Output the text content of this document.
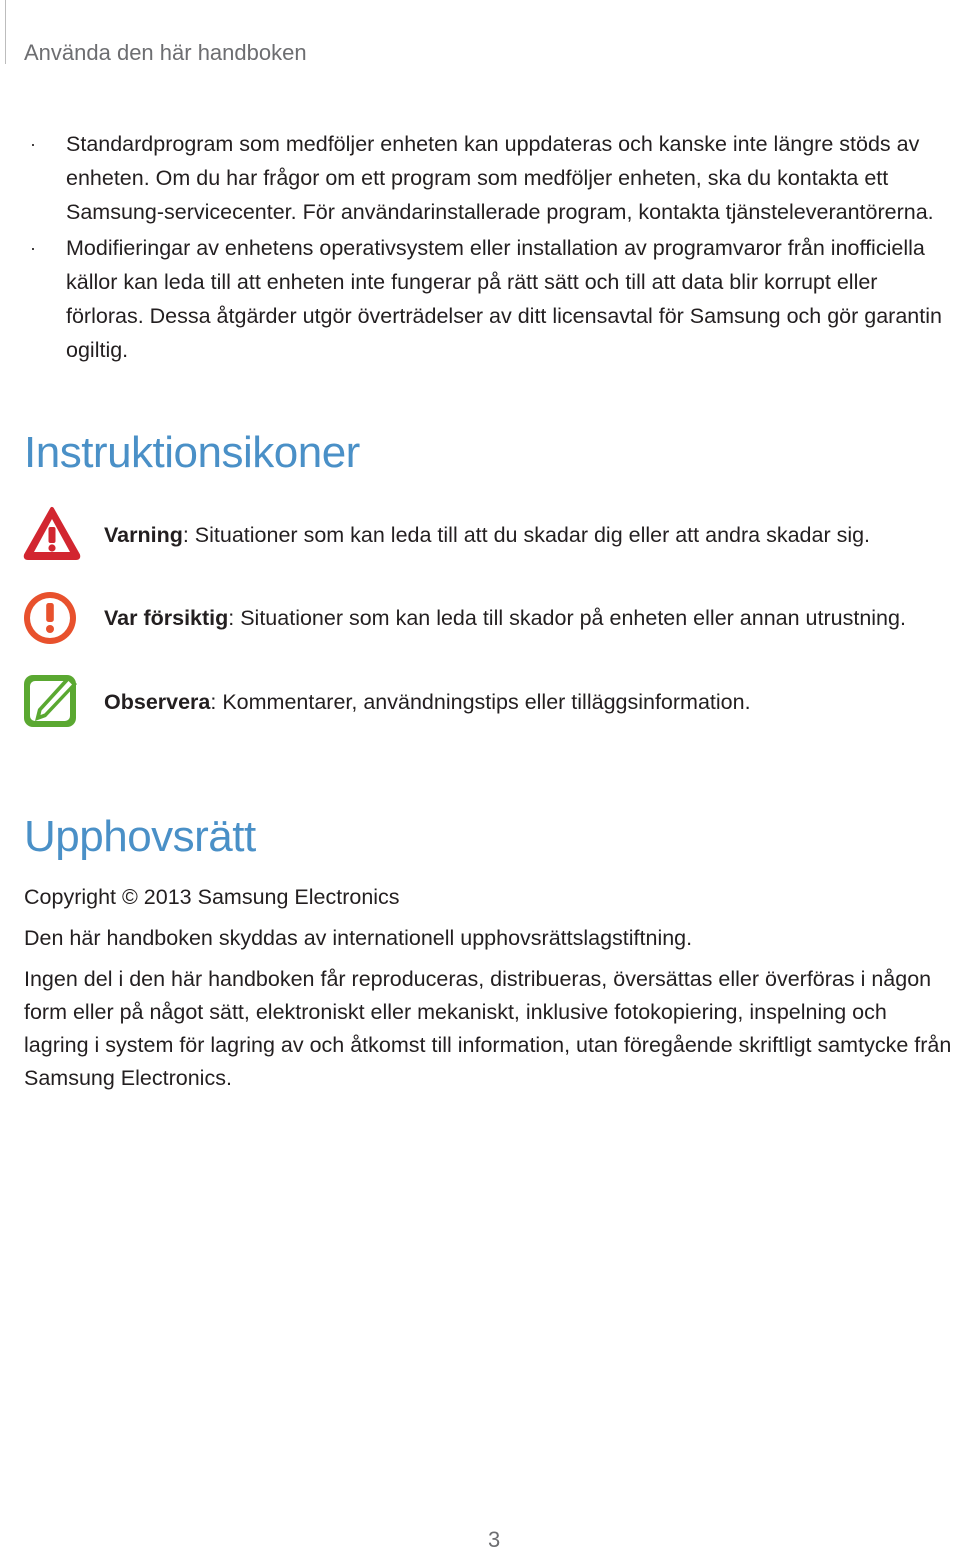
Använda den här handboken
· Standardprogram som medföljer enheten kan uppdateras och kanske inte längre stöds av enheten. Om du har frågor om ett program som medföljer enheten, ska du kontakta ett Samsung-servicecenter. För användarinstallerade program, kontakta tjänsteleverantörerna.
· Modifieringar av enhetens operativsystem eller installation av programvaror från inofficiella källor kan leda till att enheten inte fungerar på rätt sätt och till att data blir korrupt eller förloras. Dessa åtgärder utgör överträdelser av ditt licensavtal för Samsung och gör garantin ogiltig.
Instruktionsikoner
Varning: Situationer som kan leda till att du skadar dig eller att andra skadar sig.
Var försiktig: Situationer som kan leda till skador på enheten eller annan utrustning.
Observera: Kommentarer, användningstips eller tilläggsinformation.
Upphovsrätt

Copyright © 2013 Samsung Electronics

Den här handboken skyddas av internationell upphovsrättslagstiftning.

Ingen del i den här handboken får reproduceras, distribueras, översättas eller överföras i någon form eller på något sätt, elektroniskt eller mekaniskt, inklusive fotokopiering, inspelning och lagring i system för lagring av och åtkomst till information, utan föregående skriftligt samtycke från Samsung Electronics.

3
